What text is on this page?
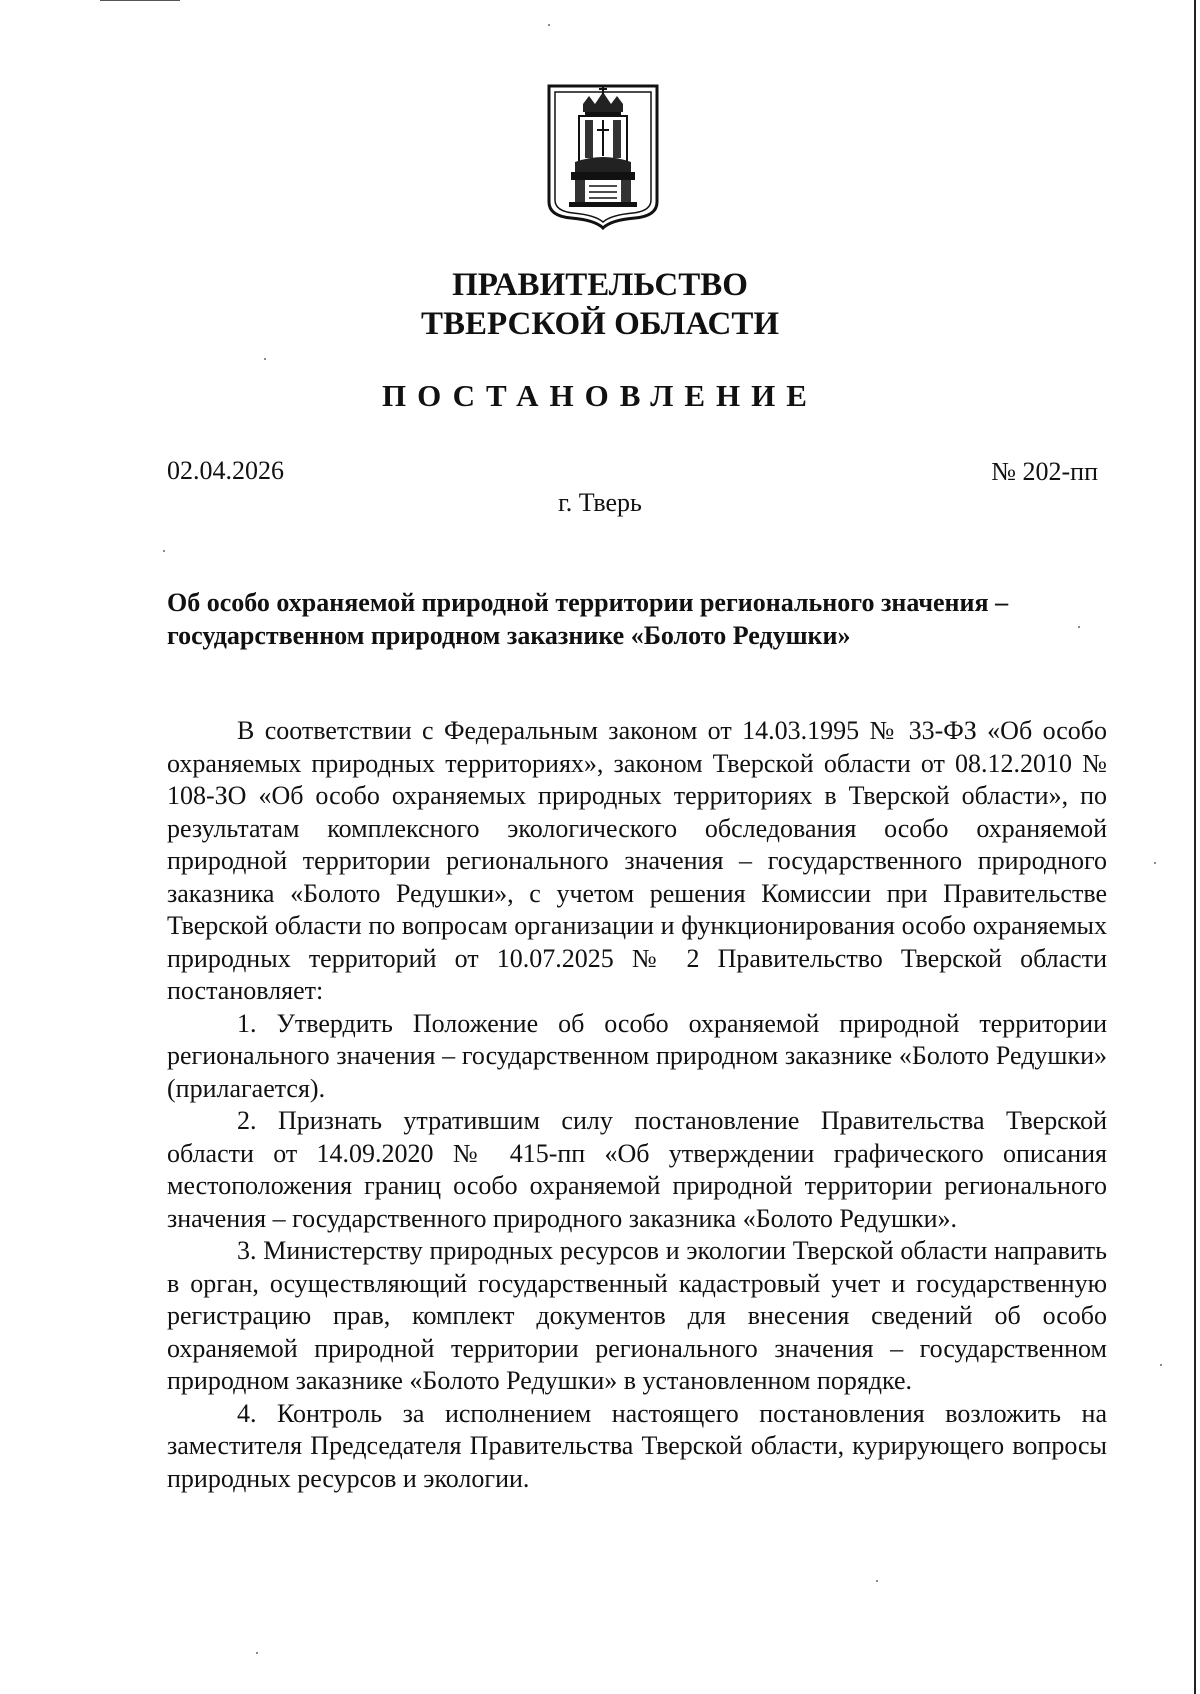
ПРАВИТЕЛЬСТВО
ТВЕРСКОЙ ОБЛАСТИ
ПОСТАНОВЛЕНИЕ
02.04.2026	№ 202-пп
г. Тверь
Об особо охраняемой природной территории регионального значения – государственном природном заказнике «Болото Редушки»

В соответствии с Федеральным законом от 14.03.1995 № 33-ФЗ «Об особо охраняемых природных территориях», законом Тверской области от 08.12.2010 № 108-ЗО «Об особо охраняемых природных территориях в Тверской области», по результатам комплексного экологического обследования особо охраняемой природной территории регионального значения – государственного природного заказника «Болото Редушки», с учетом решения Комиссии при Правительстве Тверской области по вопросам организации и функционирования особо охраняемых природных территорий от 10.07.2025 № 2 Правительство Тверской области постановляет:

1. Утвердить Положение об особо охраняемой природной территории регионального значения – государственном природном заказнике «Болото Редушки» (прилагается).

2. Признать утратившим силу постановление Правительства Тверской области от 14.09.2020 № 415-пп «Об утверждении графического описания местоположения границ особо охраняемой природной территории регионального значения – государственного природного заказника «Болото Редушки».

3. Министерству природных ресурсов и экологии Тверской области направить в орган, осуществляющий государственный кадастровый учет и государственную регистрацию прав, комплект документов для внесения сведений об особо охраняемой природной территории регионального значения – государственном природном заказнике «Болото Редушки» в установленном порядке.

4. Контроль за исполнением настоящего постановления возложить на заместителя Председателя Правительства Тверской области, курирующего вопросы природных ресурсов и экологии.
